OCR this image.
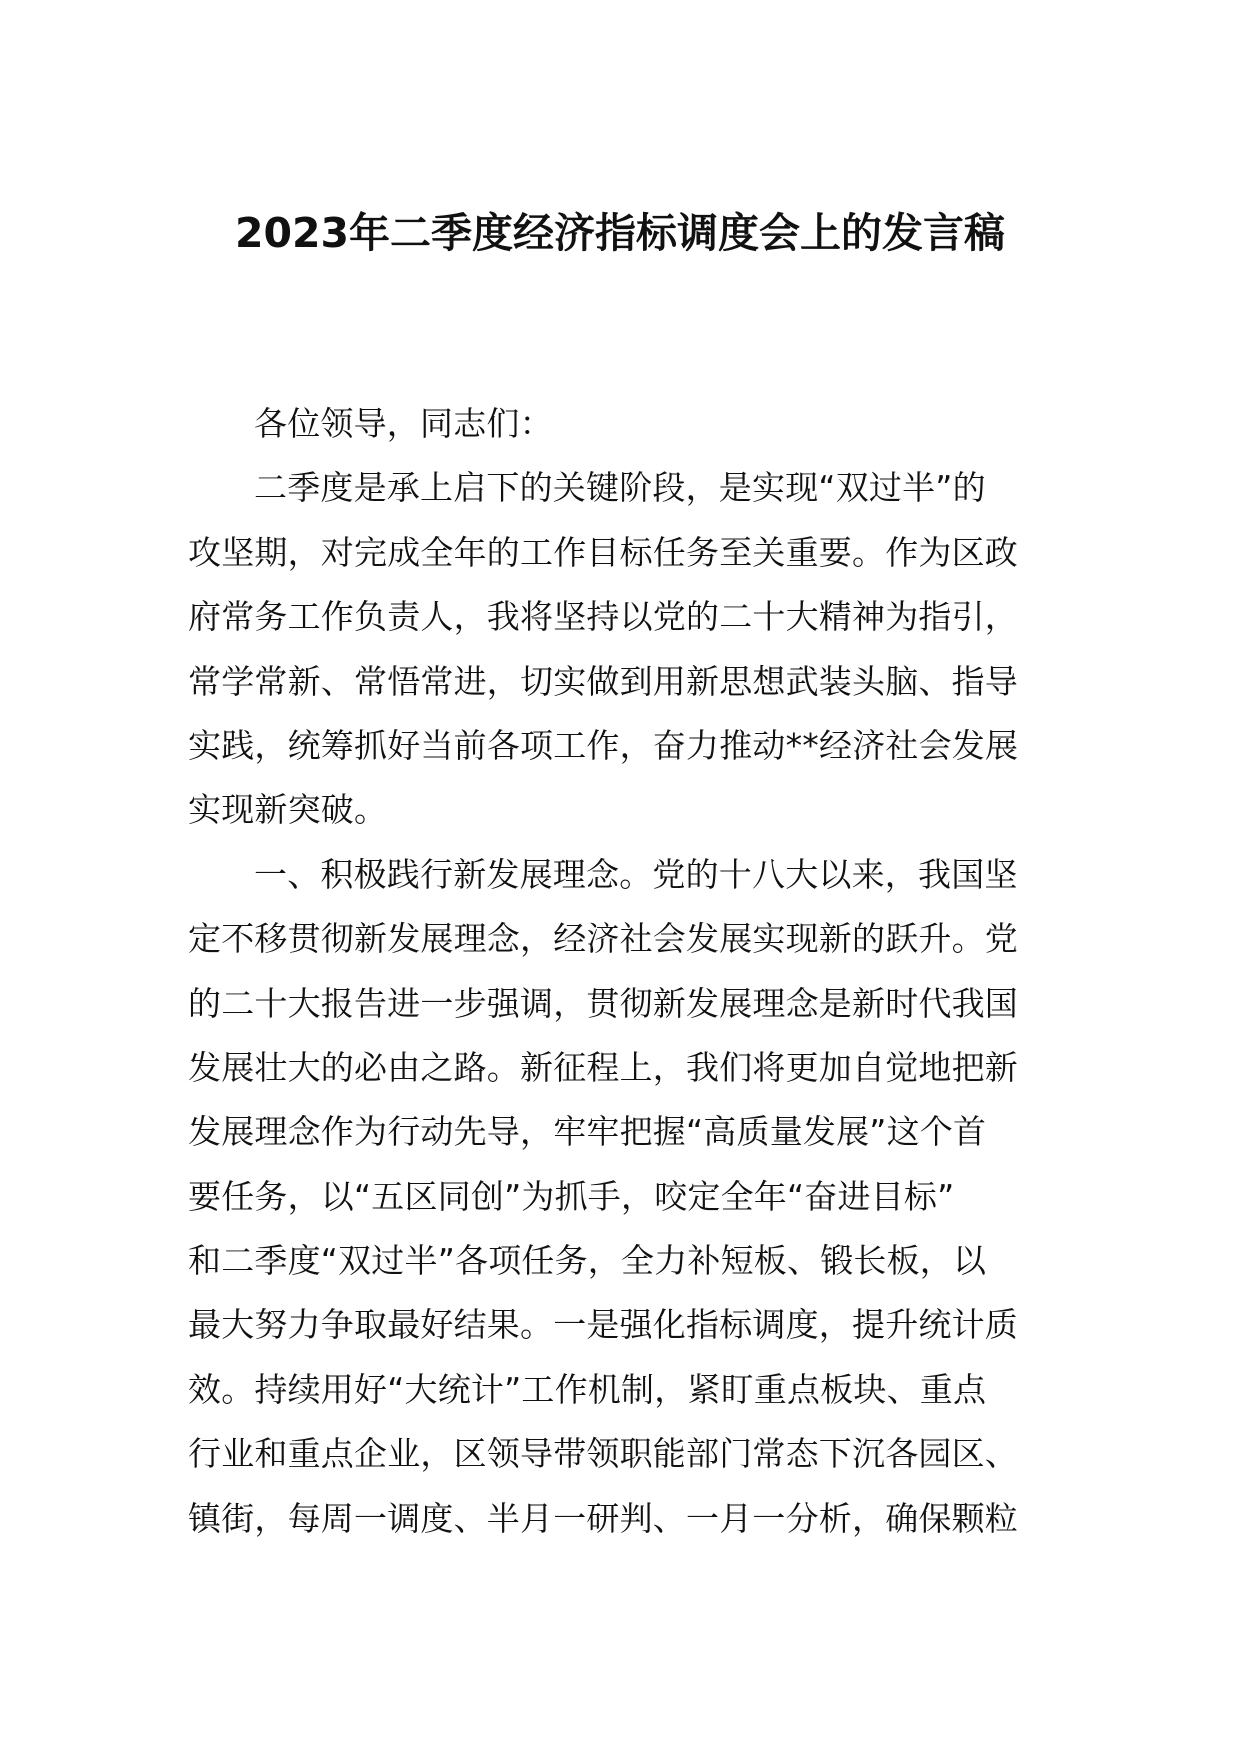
2023年二季度经济指标调度会上的发言稿
各位领导，同志们：
二季度是承上启下的关键阶段，是实现“双过半”的
攻坚期，对完成全年的工作目标任务至关重要。作为区政
府常务工作负责人，我将坚持以党的二十大精神为指引，
常学常新、常悟常进，切实做到用新思想武装头脑、指导
实践，统筹抓好当前各项工作，奋力推动**经济社会发展
实现新突破。
一、积极践行新发展理念。党的十八大以来，我国坚
定不移贯彻新发展理念，经济社会发展实现新的跃升。党
的二十大报告进一步强调，贯彻新发展理念是新时代我国
发展壮大的必由之路。新征程上，我们将更加自觉地把新
发展理念作为行动先导，牢牢把握“高质量发展”这个首
要任务，以“五区同创”为抓手，咬定全年“奋进目标”
和二季度“双过半”各项任务，全力补短板、锻长板，以
最大努力争取最好结果。一是强化指标调度，提升统计质
效。持续用好“大统计”工作机制，紧盯重点板块、重点
行业和重点企业，区领导带领职能部门常态下沉各园区、
镇街，每周一调度、半月一研判、一月一分析，确保颗粒
